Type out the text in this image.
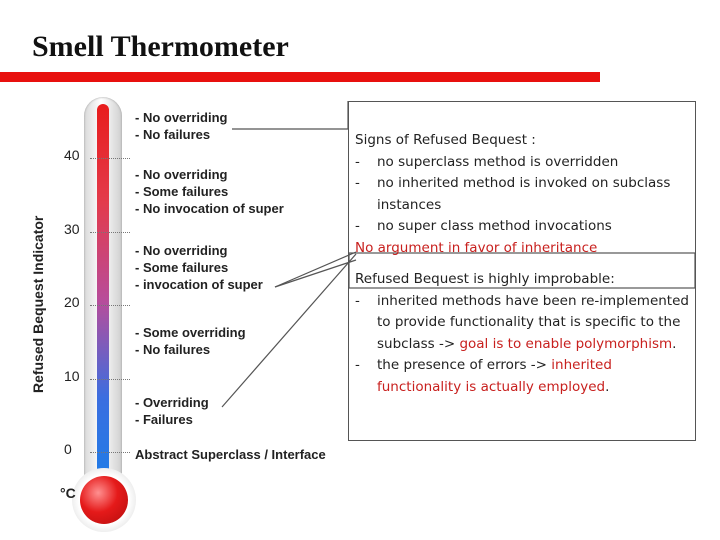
Smell Thermometer
Refused Bequest Indicator
40
30
20
10
0
°C
- No overriding
- No failures
- No overriding
- Some failures
- No invocation of super
- No overriding
- Some failures
- invocation of super
- Some overriding
- No failures
- Overriding
- Failures
Abstract Superclass / Interface

Signs of Refused Bequest :

- no superclass method is overridden

- no inherited method is invoked on subclass instances

- no super class method invocations

No argument in favor of inheritance

Refused Bequest is highly improbable:

- inherited methods have been re-implemented to provide functionality that is specific to the subclass -> goal is to enable polymorphism.

- the presence of errors -> inherited functionality is actually employed.
